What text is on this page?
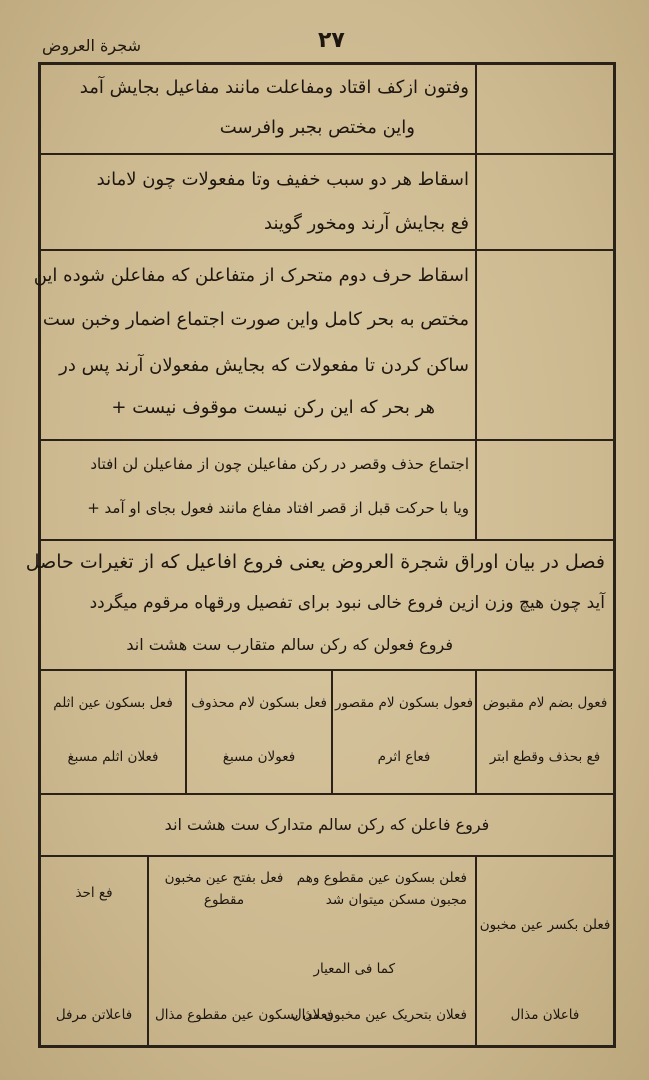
شجرة العروض	۲۷
وفتون ازکف اقتاد ومفاعلت مانند مفاعیل بجایش آمد
واین مختص بجبر وافرست
اسقاط هر دو سبب خفیف وتا مفعولات چون لاماند
فع بجایش آرند ومخور گویند
اسقاط حرف دوم متحرک از متفاعلن که مفاعلن شوده این
مختص به بحر کامل واین صورت اجتماع اضمار وخبن ست
ساکن کردن تا مفعولات که بجایش مفعولان آرند پس در
هر بحر که این رکن نیست موقوف نیست +
اجتماع حذف وقصر در رکن مفاعیلن چون از مفاعیلن لن افتاد
ویا با حرکت قبل از قصر افتاد مفاع مانند فعول بجای او آمد +
فصل در بیان اوراق شجرة العروض یعنی فروع افاعیل که از تغیرات حاصل
آید چون هیچ وزن ازین فروع خالی نبود برای تفصیل ورقهاه مرقوم میگردد
فروع فعولن که رکن سالم متقارب ست هشت اند
فعول بضم لام مقبوض
فع بحذف وقطع ابتر
فعول بسکون لام مقصور
فعاع اثرم
فعل بسکون لام محذوف
فعولان مسبغ
فعل بسکون عین اثلم
فعلان اثلم مسبغ
فروع فاعلن که رکن سالم متدارک ست هشت اند
فعلن بکسر عین مخبون
فاعلان مذال
فعلن بسکون عین مقطوع وهم مجبون مسکن میتوان شد
فعل بفتح عین مخبون مقطوع
کما فی المعیار
فعلان بتحریک عین مخبون مذال
فعلان بسکون عین مقطوع مذال
فع احذ
فاعلاتن مرفل
